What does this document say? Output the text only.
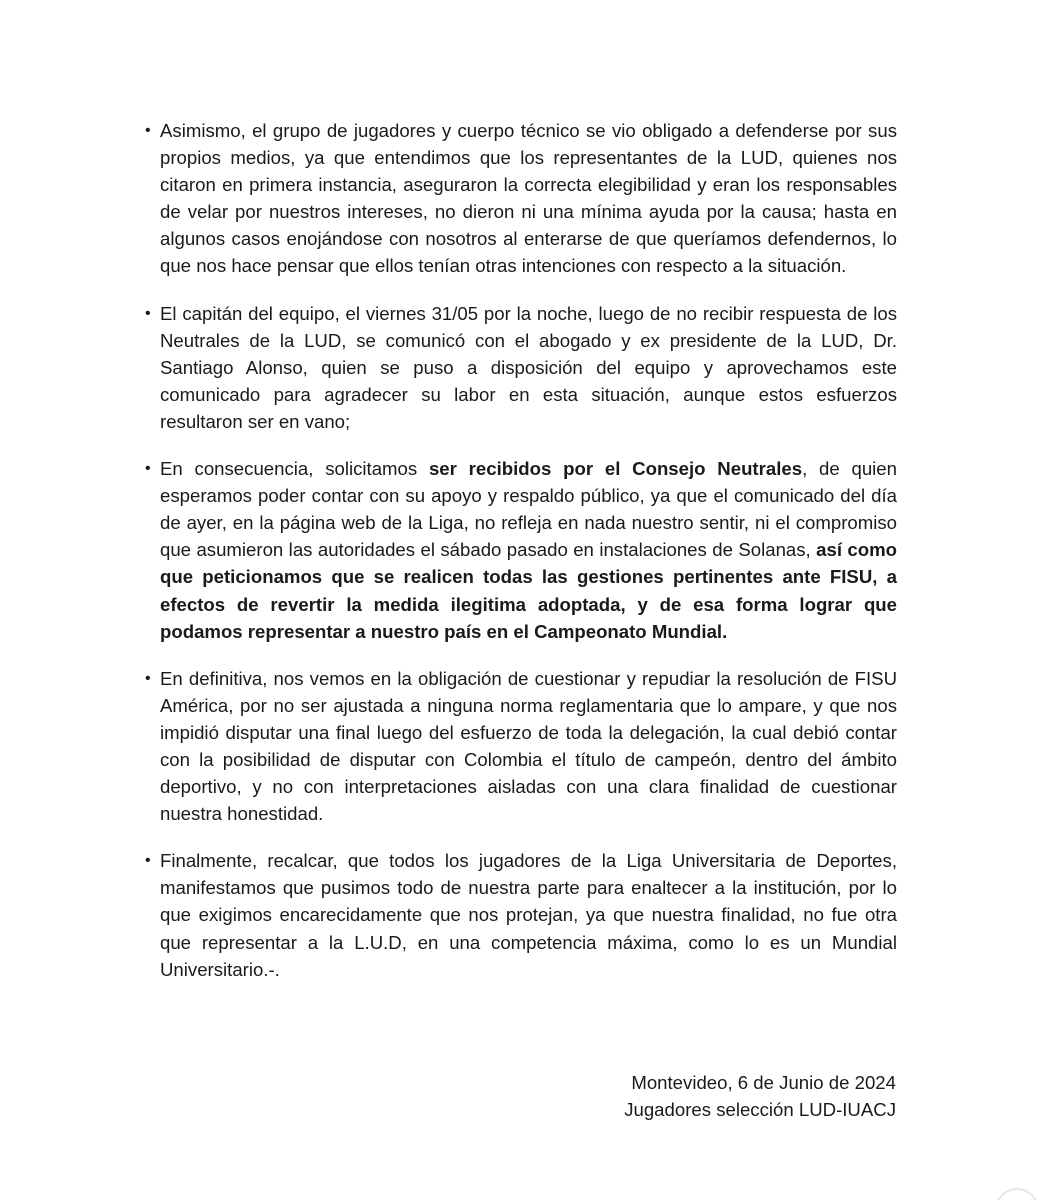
• Asimismo, el grupo de jugadores y cuerpo técnico se vio obligado a defenderse por sus propios medios, ya que entendimos que los representantes de la LUD, quienes nos citaron en primera instancia, aseguraron la correcta elegibilidad y eran los responsables de velar por nuestros intereses, no dieron ni una mínima ayuda por la causa; hasta en algunos casos enojándose con nosotros al enterarse de que queríamos defendernos, lo que nos hace pensar que ellos tenían otras intenciones con respecto a la situación.
• El capitán del equipo, el viernes 31/05 por la noche, luego de no recibir respuesta de los Neutrales de la LUD, se comunicó con el abogado y ex presidente de la LUD, Dr. Santiago Alonso, quien se puso a disposición del equipo y aprovechamos este comunicado para agradecer su labor en esta situación, aunque estos esfuerzos resultaron ser en vano;
• En consecuencia, solicitamos ser recibidos por el Consejo Neutrales, de quien esperamos poder contar con su apoyo y respaldo público, ya que el comunicado del día de ayer, en la página web de la Liga, no refleja en nada nuestro sentir, ni el compromiso que asumieron las autoridades el sábado pasado en instalaciones de Solanas, así como que peticionamos que se realicen todas las gestiones pertinentes ante FISU, a efectos de revertir la medida ilegitima adoptada, y de esa forma lograr que podamos representar a nuestro país en el Campeonato Mundial.
• En definitiva, nos vemos en la obligación de cuestionar y repudiar la resolución de FISU América, por no ser ajustada a ninguna norma reglamentaria que lo ampare, y que nos impidió disputar una final luego del esfuerzo de toda la delegación, la cual debió contar con la posibilidad de disputar con Colombia el título de campeón, dentro del ámbito deportivo, y no con interpretaciones aisladas con una clara finalidad de cuestionar nuestra honestidad.
• Finalmente, recalcar, que todos los jugadores de la Liga Universitaria de Deportes, manifestamos que pusimos todo de nuestra parte para enaltecer a la institución, por lo que exigimos encarecidamente que nos protejan, ya que nuestra finalidad, no fue otra que representar a la L.U.D, en una competencia máxima, como lo es un Mundial Universitario.-.
Montevideo, 6 de Junio de 2024
Jugadores selección LUD-IUACJ
